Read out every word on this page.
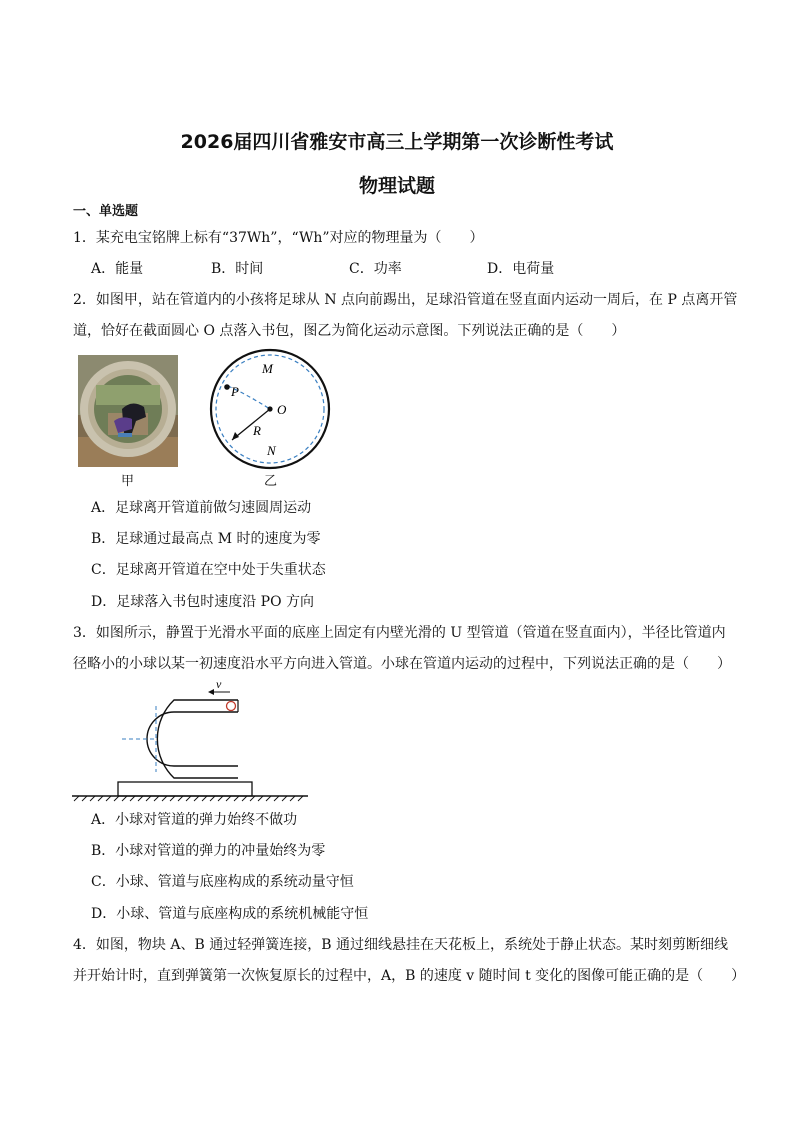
2026届四川省雅安市高三上学期第一次诊断性考试
物理试题
一、单选题
1．某充电宝铭牌上标有“37Wh”，“Wh”对应的物理量为（　　）
A．能量	B．时间	C．功率	D．电荷量
2．如图甲，站在管道内的小孩将足球从 N 点向前踢出，足球沿管道在竖直面内运动一周后，在 P 点离开管
道，恰好在截面圆心 O 点落入书包，图乙为简化运动示意图。下列说法正确的是（　　）
甲
M
P
O
R
N
乙
A．足球离开管道前做匀速圆周运动
B．足球通过最高点 M 时的速度为零
C．足球离开管道在空中处于失重状态
D．足球落入书包时速度沿 PO 方向
3．如图所示，静置于光滑水平面的底座上固定有内壁光滑的 U 型管道（管道在竖直面内），半径比管道内
径略小的小球以某一初速度沿水平方向进入管道。小球在管道内运动的过程中，下列说法正确的是（　　）
v
A．小球对管道的弹力始终不做功
B．小球对管道的弹力的冲量始终为零
C．小球、管道与底座构成的系统动量守恒
D．小球、管道与底座构成的系统机械能守恒
4．如图，物块 A、B 通过轻弹簧连接，B 通过细线悬挂在天花板上，系统处于静止状态。某时刻剪断细线
并开始计时，直到弹簧第一次恢复原长的过程中，A，B 的速度 v 随时间 t 变化的图像可能正确的是（　　）
